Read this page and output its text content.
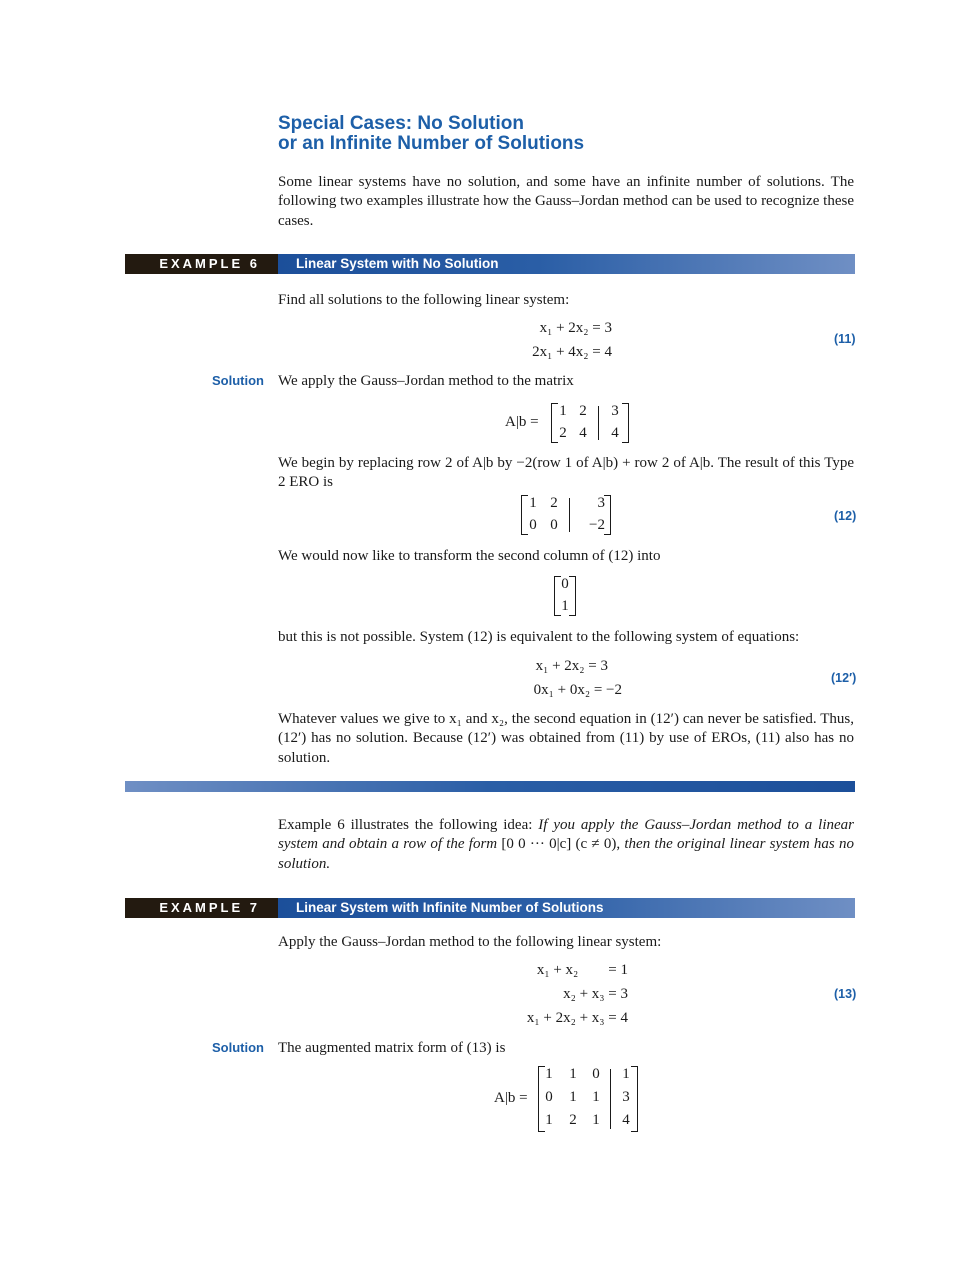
Special Cases: No Solution
or an Infinite Number of Solutions
Some linear systems have no solution, and some have an infinite number of solutions. The following two examples illustrate how the Gauss–Jordan method can be used to recognize these cases.
EXAMPLE 6	Linear System with No Solution
Find all solutions to the following linear system:
x₁ + 2x₂ = 3
2x₁ + 4x₂ = 4
(11)
Solution We apply the Gauss–Jordan method to the matrix
A|b =
1 2 3
2 4 4
We begin by replacing row 2 of A|b by −2(row 1 of A|b) + row 2 of A|b. The result of this Type 2 ERO is
1 2	3
0 0	−2
(12)
We would now like to transform the second column of (12) into
0
1
but this is not possible. System (12) is equivalent to the following system of equations:
x₁ + 2x₂ = 3
0x₁ + 0x₂ = −2
(12′)
Whatever values we give to x₁ and x₂, the second equation in (12′) can never be satisfied. Thus, (12′) has no solution. Because (12′) was obtained from (11) by use of EROs, (11) also has no solution.
Example 6 illustrates the following idea: If you apply the Gauss–Jordan method to a linear system and obtain a row of the form [0 0 ··· 0|c] (c ≠ 0), then the original linear system has no solution.
EXAMPLE 7	Linear System with Infinite Number of Solutions
Apply the Gauss–Jordan method to the following linear system:
x₁ + x₂        = 1
x₂ + x₃ = 3
x₁ + 2x₂ + x₃ = 4
(13)
Solution The augmented matrix form of (13) is
A|b =
1 1 0 1
0 1 1 3
1 2 1 4
